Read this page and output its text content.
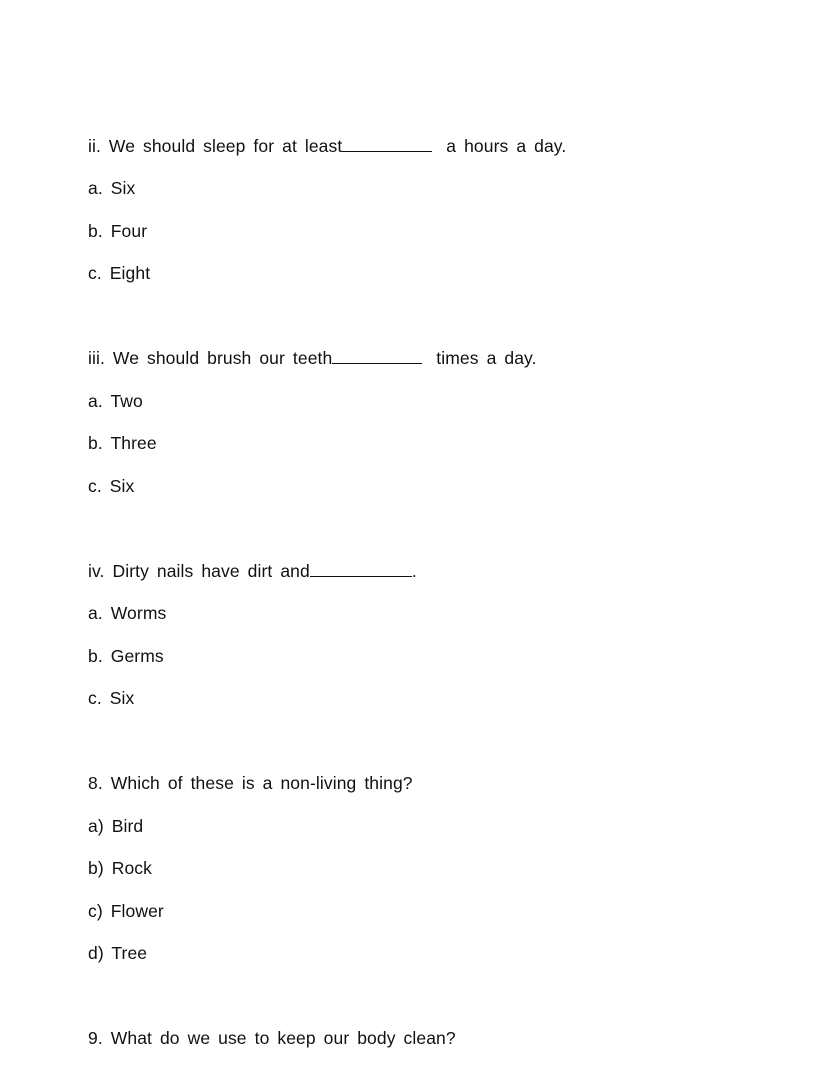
ii. We should sleep for at least	a hours a day.
a. Six
b. Four
c. Eight
iii. We should brush our teeth	times a day.
a. Two
b. Three
c. Six
iv. Dirty nails have dirt and	.
a. Worms
b. Germs
c. Six
8. Which of these is a non-living thing?
a) Bird
b) Rock
c) Flower
d) Tree
9. What do we use to keep our body clean?
